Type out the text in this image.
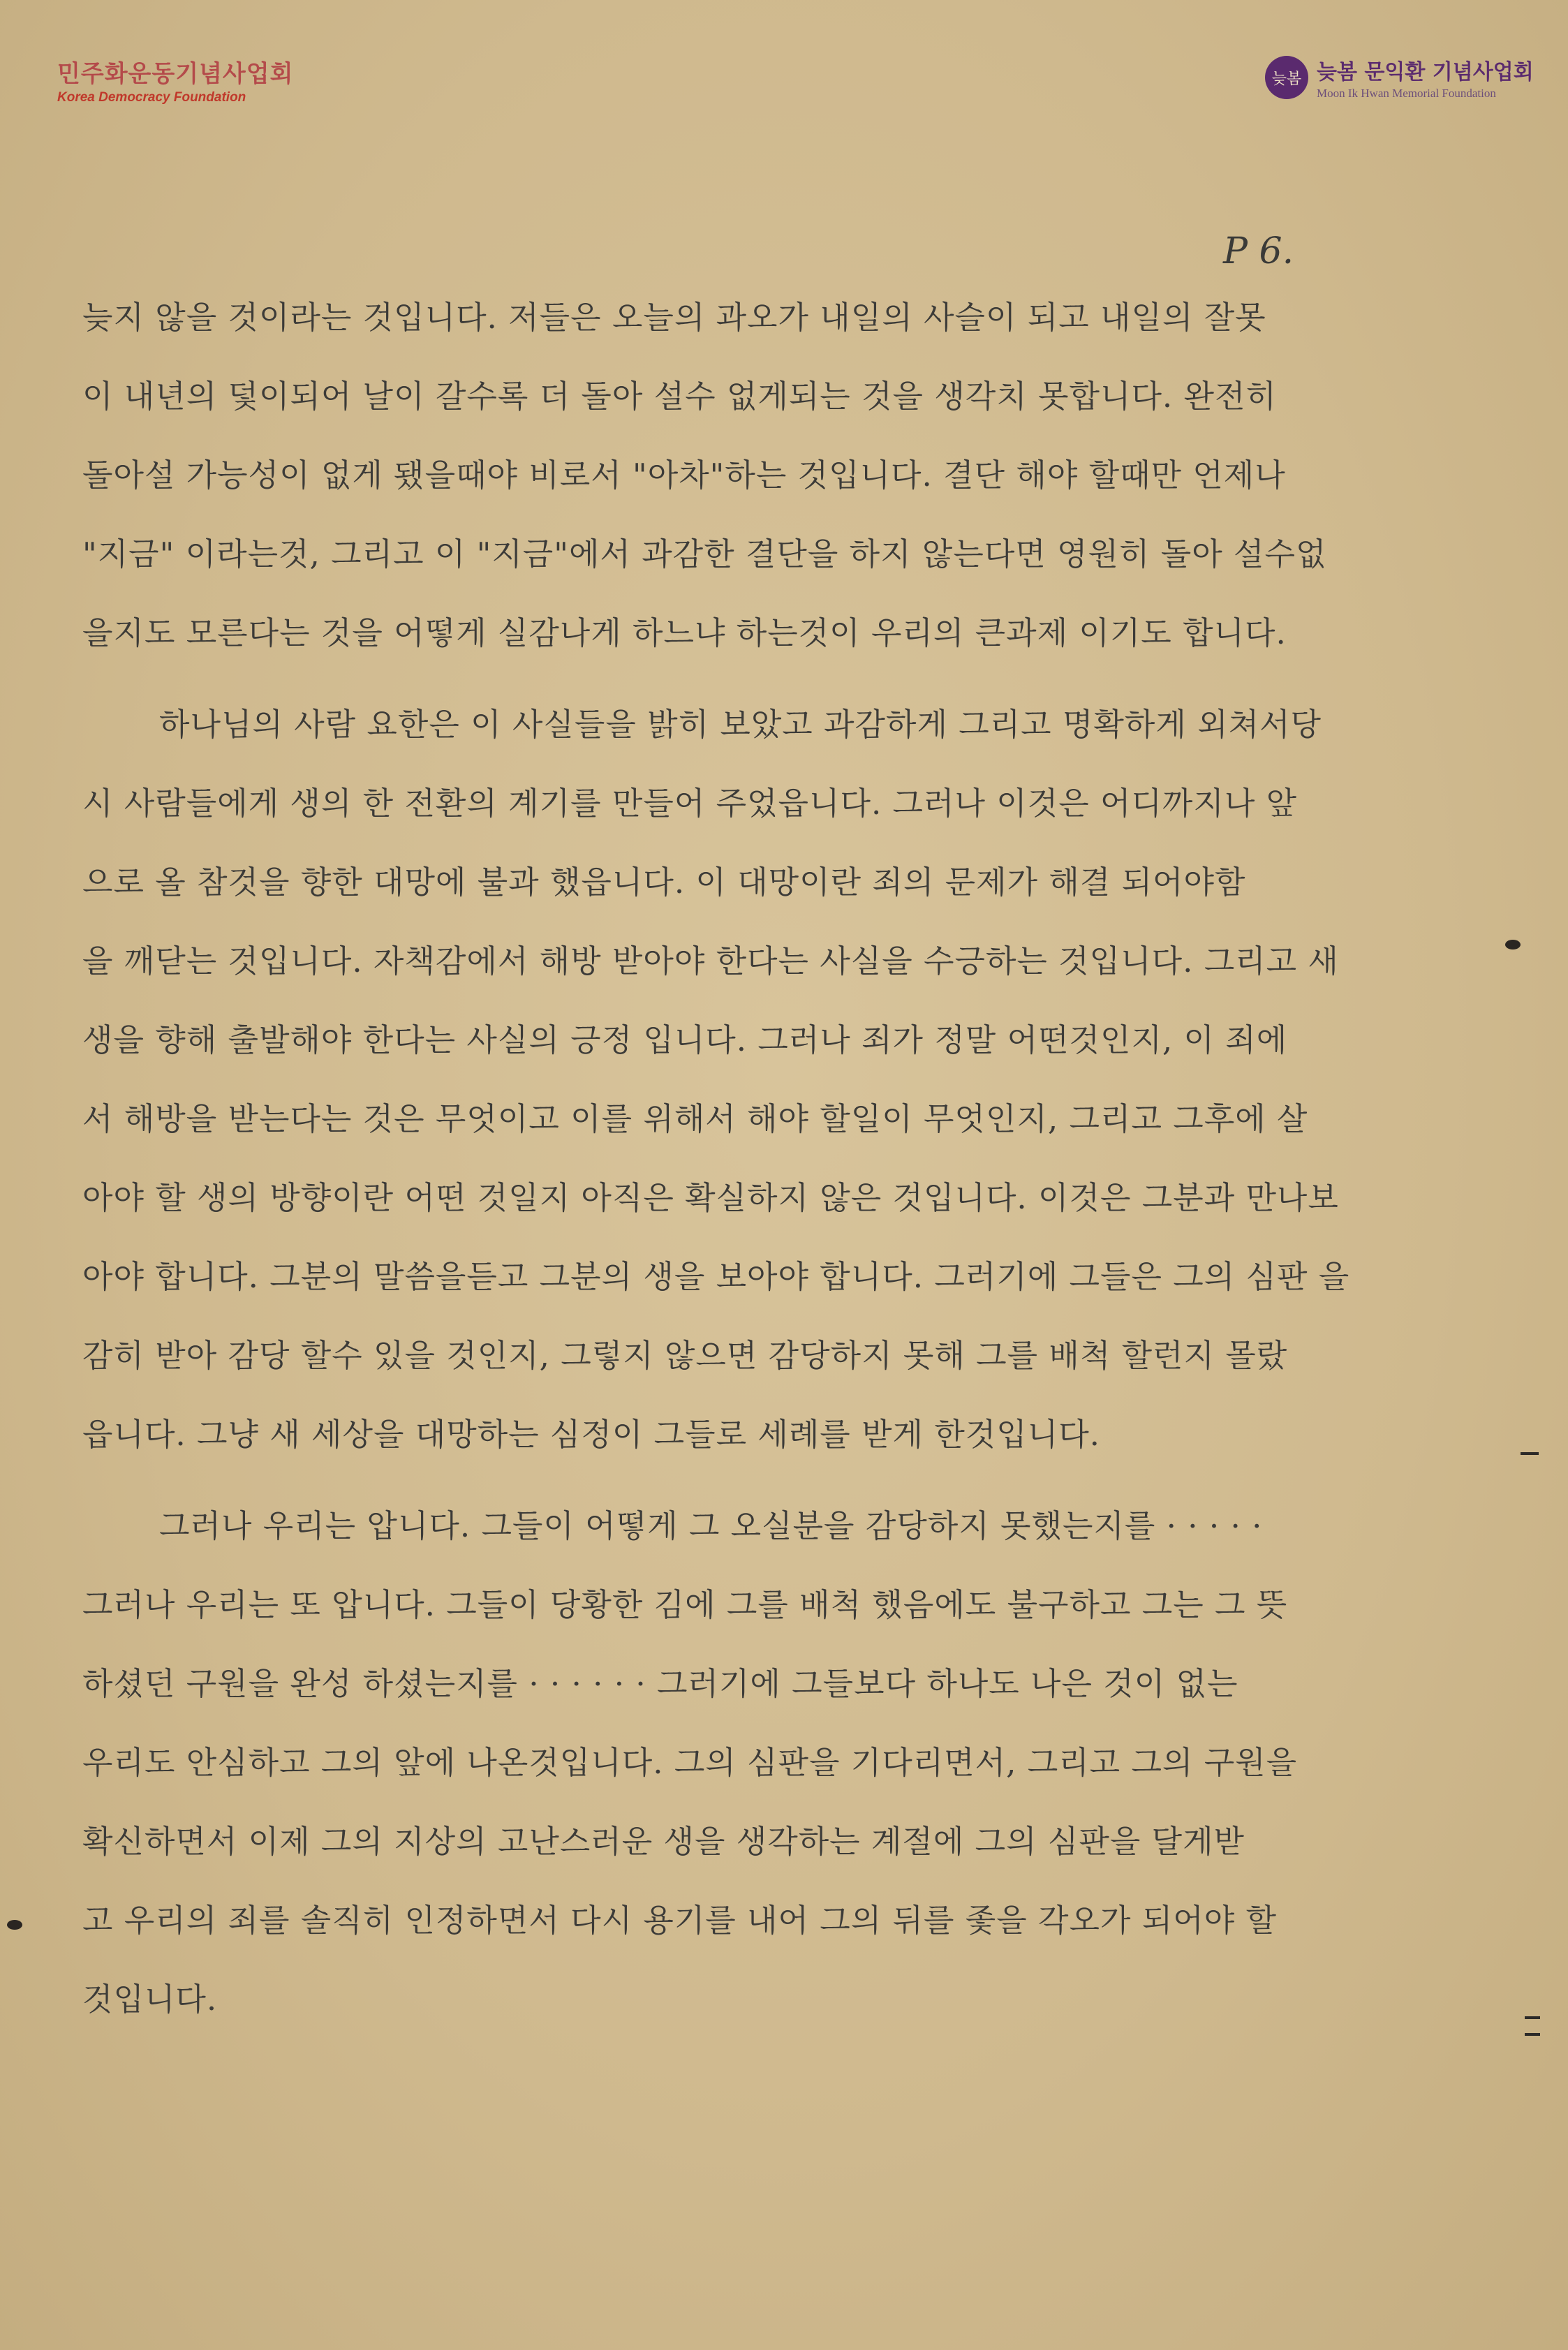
민주화운동기념사업회
Korea Democracy Foundation
늦봄 늦봄 문익환 기념사업회
Moon Ik Hwan Memorial Foundation
P 6.
늦지 않을 것이라는 것입니다. 저들은 오늘의 과오가 내일의 사슬이 되고 내일의 잘못
이 내년의 덫이되어 날이 갈수록 더 돌아 설수 없게되는 것을 생각치 못합니다. 완전히
돌아설 가능성이 없게 됐을때야 비로서 "아차"하는 것입니다. 결단 해야 할때만 언제나
"지금" 이라는것, 그리고 이 "지금"에서 과감한 결단을 하지 않는다면 영원히 돌아 설수없
을지도 모른다는 것을 어떻게 실감나게 하느냐 하는것이 우리의 큰과제 이기도 합니다.
하나님의 사람 요한은 이 사실들을 밝히 보았고 과감하게 그리고 명확하게 외쳐서당
시 사람들에게 생의 한 전환의 계기를 만들어 주었읍니다. 그러나 이것은 어디까지나 앞
으로 올 참것을 향한 대망에 불과 했읍니다. 이 대망이란 죄의 문제가 해결 되어야함
을 깨닫는 것입니다. 자책감에서 해방 받아야 한다는 사실을 수긍하는 것입니다. 그리고 새
생을 향해 출발해야 한다는 사실의 긍정 입니다. 그러나 죄가 정말 어떤것인지, 이 죄에
서 해방을 받는다는 것은 무엇이고 이를 위해서 해야 할일이 무엇인지, 그리고 그후에 살
아야 할 생의 방향이란 어떤 것일지 아직은 확실하지 않은 것입니다. 이것은 그분과 만나보
아야 합니다. 그분의 말씀을듣고 그분의 생을 보아야 합니다. 그러기에 그들은 그의 심판 을
감히 받아 감당 할수 있을 것인지, 그렇지 않으면 감당하지 못해 그를 배척 할런지 몰랐
읍니다. 그냥 새 세상을 대망하는 심정이 그들로 세례를 받게 한것입니다.
그러나 우리는 압니다. 그들이 어떻게 그 오실분을 감당하지 못했는지를 · · · · ·
그러나 우리는 또 압니다. 그들이 당황한 김에 그를 배척 했음에도 불구하고 그는 그 뜻
하셨던 구원을 완성 하셨는지를 · · · · · · 그러기에 그들보다 하나도 나은 것이 없는
우리도 안심하고 그의 앞에 나온것입니다. 그의 심판을 기다리면서, 그리고 그의 구원을
확신하면서 이제 그의 지상의 고난스러운 생을 생각하는 계절에 그의 심판을 달게받
고 우리의 죄를 솔직히 인정하면서 다시 용기를 내어 그의 뒤를 좇을 각오가 되어야 할
것입니다.
